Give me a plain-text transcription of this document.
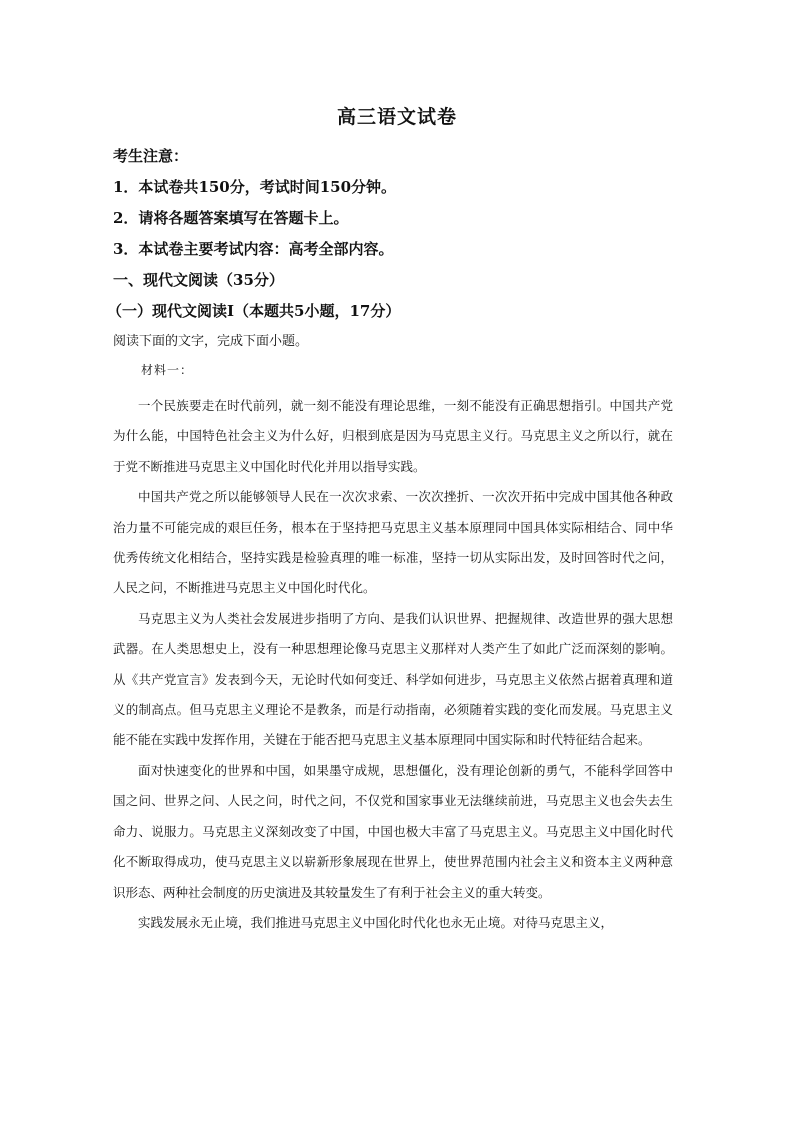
高三语文试卷
考生注意：
1．本试卷共150分，考试时间150分钟。
2．请将各题答案填写在答题卡上。
3．本试卷主要考试内容：高考全部内容。
一、现代文阅读（35分）
（一）现代文阅读Ⅰ（本题共5小题，17分）
阅读下面的文字，完成下面小题。
材料一：

一个民族要走在时代前列，就一刻不能没有理论思维，一刻不能没有正确思想指引。中国共产党为什么能，中国特色社会主义为什么好，归根到底是因为马克思主义行。马克思主义之所以行，就在于党不断推进马克思主义中国化时代化并用以指导实践。

中国共产党之所以能够领导人民在一次次求索、一次次挫折、一次次开拓中完成中国其他各种政治力量不可能完成的艰巨任务，根本在于坚持把马克思主义基本原理同中国具体实际相结合、同中华优秀传统文化相结合，坚持实践是检验真理的唯一标准，坚持一切从实际出发，及时回答时代之问，人民之问，不断推进马克思主义中国化时代化。

马克思主义为人类社会发展进步指明了方向、是我们认识世界、把握规律、改造世界的强大思想武器。在人类思想史上，没有一种思想理论像马克思主义那样对人类产生了如此广泛而深刻的影响。从《共产党宣言》发表到今天，无论时代如何变迁、科学如何进步，马克思主义依然占据着真理和道义的制高点。但马克思主义理论不是教条，而是行动指南，必须随着实践的变化而发展。马克思主义能不能在实践中发挥作用，关键在于能否把马克思主义基本原理同中国实际和时代特征结合起来。

面对快速变化的世界和中国，如果墨守成规，思想僵化，没有理论创新的勇气，不能科学回答中国之问、世界之问、人民之问，时代之问，不仅党和国家事业无法继续前进，马克思主义也会失去生命力、说服力。马克思主义深刻改变了中国，中国也极大丰富了马克思主义。马克思主义中国化时代化不断取得成功，使马克思主义以崭新形象展现在世界上，使世界范围内社会主义和资本主义两种意识形态、两种社会制度的历史演进及其较量发生了有利于社会主义的重大转变。

实践发展永无止境，我们推进马克思主义中国化时代化也永无止境。对待马克思主义，
